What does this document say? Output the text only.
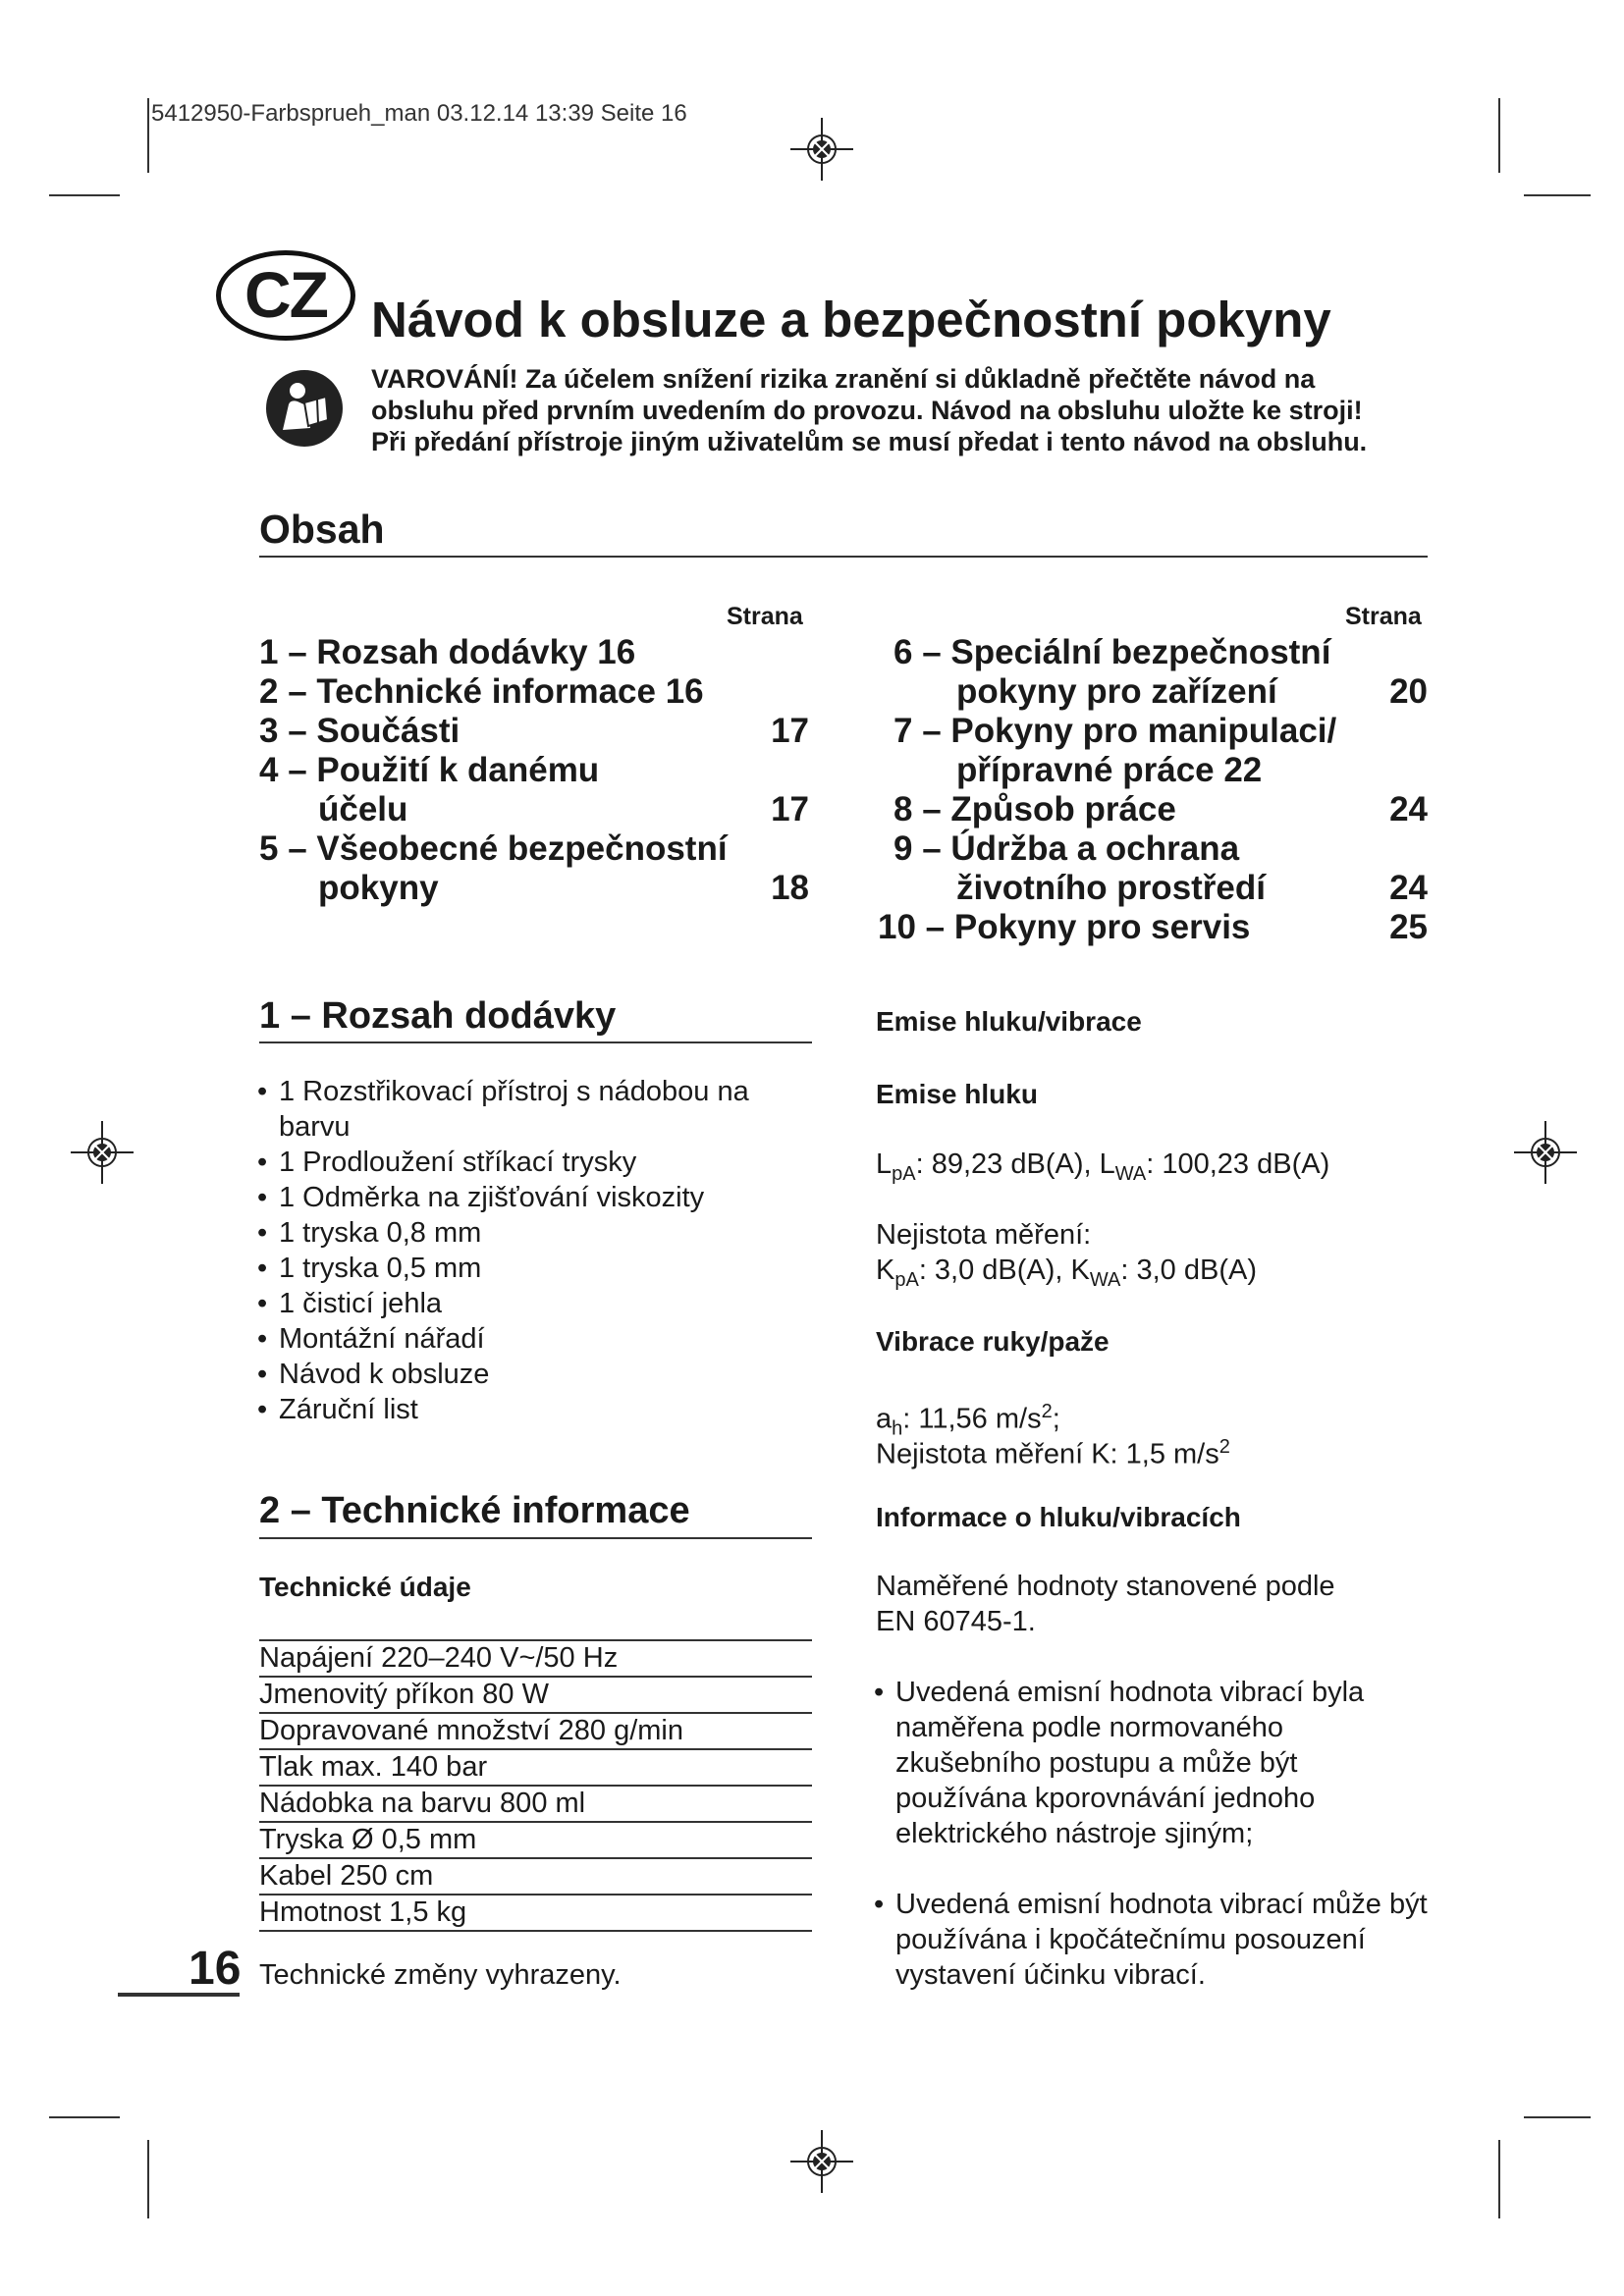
5412950-Farbsprueh_man 03.12.14 13:39 Seite 16
CZ Návod k obsluze a bezpečnostní pokyny
VAROVÁNÍ! Za účelem snížení rizika zranění si důkladně přečtěte návod na
obsluhu před prvním uvedením do provozu. Návod na obsluhu uložte ke stroji!
Při předání přístroje jiným uživatelům se musí předat i tento návod na obsluhu.
Obsah
Strana	Strana
1 – Rozsah dodávky 16
2 – Technické informace 16
3 – Součásti	17
4 – Použití k danému
účelu	17
5 – Všeobecné bezpečnostní
pokyny	18
6 – Speciální bezpečnostní
pokyny pro zařízení	20
7 – Pokyny pro manipulaci/
přípravné práce 22
8 – Způsob práce	24
9 – Údržba a ochrana
životního prostředí	24
10 – Pokyny pro servis	25
1 – Rozsah dodávky
• 1 Rozstřikovací přístroj s nádobou na barvu
• 1 Prodloužení stříkací trysky
• 1 Odměrka na zjišťování viskozity
• 1 tryska 0,8 mm
• 1 tryska 0,5 mm
• 1 čisticí jehla
• Montážní nářadí
• Návod k obsluze
• Záruční list
2 – Technické informace
Technické údaje
Napájení 220–240 V~/50 Hz
Jmenovitý příkon 80 W
Dopravované množství 280 g/min
Tlak max. 140 bar
Nádobka na barvu 800 ml
Tryska Ø 0,5 mm
Kabel 250 cm
Hmotnost 1,5 kg
Technické změny vyhrazeny.
Emise hluku/vibrace
Emise hluku
$L_{pA}$: 89,23 dB(A), $L_{WA}$: 100,23 dB(A)
Nejistota měření:
$K_{pA}$: 3,0 dB(A), $K_{WA}$: 3,0 dB(A)
Vibrace ruky/paže
$a_h$: 11,56 $m/s^2$;
Nejistota měření K: 1,5 $m/s^2$
Informace o hluku/vibracích
Naměřené hodnoty stanovené podle EN 60745-1.
• Uvedená emisní hodnota vibrací byla naměřena podle normovaného zkušebního postupu a může být používána kporovnávání jednoho elektrického nástroje sjiným;
• Uvedená emisní hodnota vibrací může být používána i kpočátečnímu posouzení vystavení účinku vibrací.
16
